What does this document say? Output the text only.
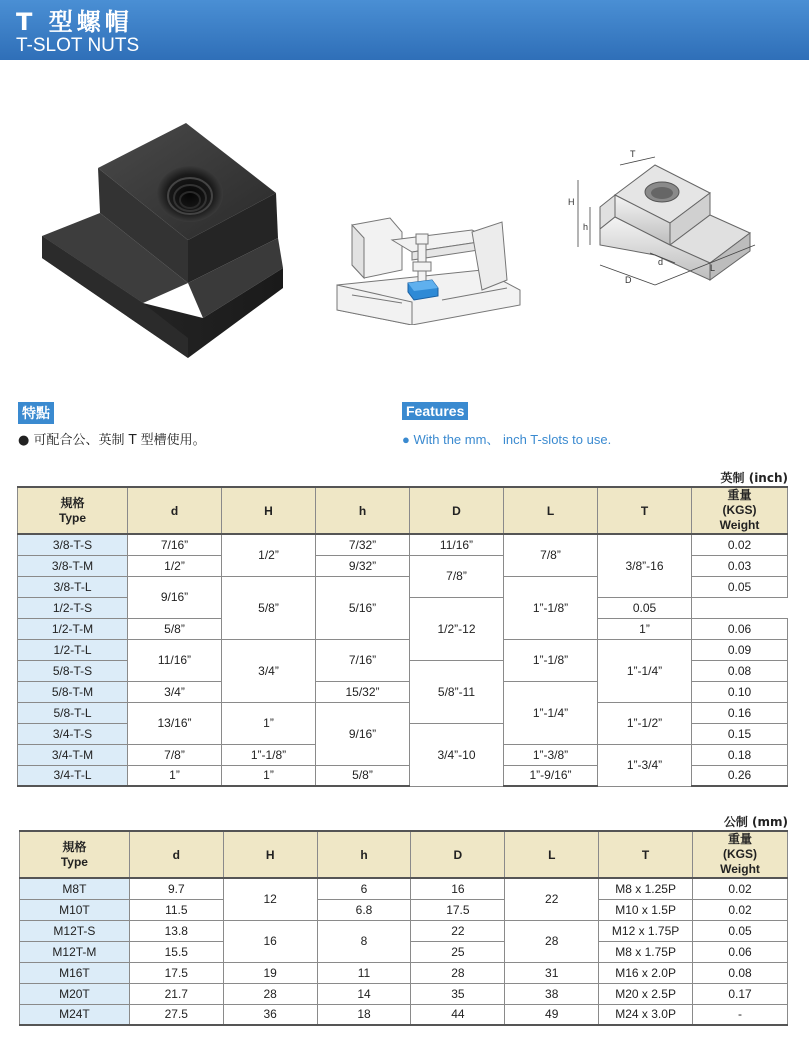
T 型螺帽
T-SLOT NUTS
H
h
T
d
D
L
特點	Features
● 可配合公、英制 T 型槽使用。	● With the mm、 inch T-slots to use.
英制 (inch)
規格
Type	d	H	h	D	L	T	重量
(KGS)
Weight
3/8-T-S	7/16”	1/2”	7/32”	11/16”	7/8”	3/8”-16	0.02
3/8-T-M	1/2”		9/32”	7/8”			0.03
3/8-T-L	9/16”	5/8”	5/16”		1”-1/8”		0.05
1/2-T-S				1/2”-12		0.05	
1/2-T-M	5/8”					1”	0.06
1/2-T-L	11/16”	3/4”	7/16”		1”-1/8”	1”-1/4”	0.09
5/8-T-S				5/8”-11			0.08
5/8-T-M	3/4”		15/32”		1”-1/4”		0.10
5/8-T-L	13/16”	1”	9/16”			1”-1/2”	0.16
3/4-T-S				3/4”-10			0.15
3/4-T-M	7/8”	1”-1/8”			1”-3/8”	1”-3/4”	0.18
3/4-T-L	1”	1”	5/8”		1”-9/16”		0.26
公制 (mm)
規格
Type	d	H	h	D	L	T	重量
(KGS)
Weight
M8T	9.7	12	6	16	22	M8 x 1.25P	0.02
M10T	11.5		6.8	17.5		M10 x 1.5P	0.02
M12T-S	13.8	16	8	22	28	M12 x 1.75P	0.05
M12T-M	15.5			25		M8 x 1.75P	0.06
M16T	17.5	19	11	28	31	M16 x 2.0P	0.08
M20T	21.7	28	14	35	38	M20 x 2.5P	0.17
M24T	27.5	36	18	44	49	M24 x 3.0P	-
